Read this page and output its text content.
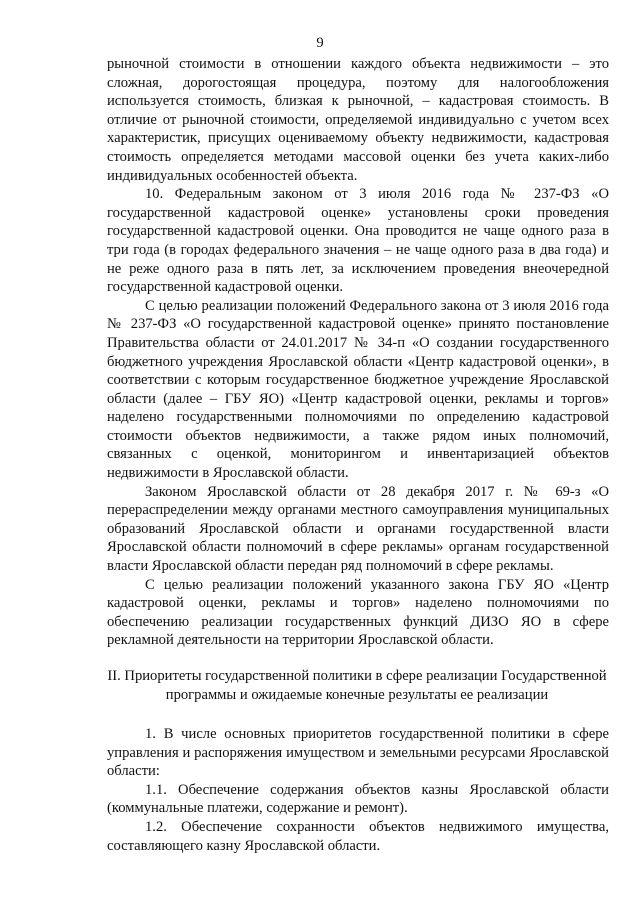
9

рыночной стоимости в отношении каждого объекта недвижимости – это сложная, дорогостоящая процедура, поэтому для налогообложения используется стоимость, близкая к рыночной, – кадастровая стоимость. В отличие от рыночной стоимости, определяемой индивидуально с учетом всех характеристик, присущих оцениваемому объекту недвижимости, кадастровая стоимость определяется методами массовой оценки без учета каких-либо индивидуальных особенностей объекта.

10. Федеральным законом от 3 июля 2016 года № 237-ФЗ «О государственной кадастровой оценке» установлены сроки проведения государственной кадастровой оценки. Она проводится не чаще одного раза в три года (в городах федерального значения – не чаще одного раза в два года) и не реже одного раза в пять лет, за исключением проведения внеочередной государственной кадастровой оценки.

С целью реализации положений Федерального закона от 3 июля 2016 года № 237-ФЗ «О государственной кадастровой оценке» принято постановление Правительства области от 24.01.2017 № 34-п «О создании государственного бюджетного учреждения Ярославской области «Центр кадастровой оценки», в соответствии с которым государственное бюджетное учреждение Ярославской области (далее – ГБУ ЯО) «Центр кадастровой оценки, рекламы и торгов» наделено государственными полномочиями по определению кадастровой стоимости объектов недвижимости, а также рядом иных полномочий, связанных с оценкой, мониторингом и инвентаризацией объектов недвижимости в Ярославской области.

Законом Ярославской области от 28 декабря 2017 г. № 69-з «О перераспределении между органами местного самоуправления муниципальных образований Ярославской области и органами государственной власти Ярославской области полномочий в сфере рекламы» органам государственной власти Ярославской области передан ряд полномочий в сфере рекламы.

С целью реализации положений указанного закона ГБУ ЯО «Центр кадастровой оценки, рекламы и торгов» наделено полномочиями по обеспечению реализации государственных функций ДИЗО ЯО в сфере рекламной деятельности на территории Ярославской области.

II. Приоритеты государственной политики в сфере реализации Государственной программы и ожидаемые конечные результаты ее реализации

1. В числе основных приоритетов государственной политики в сфере управления и распоряжения имуществом и земельными ресурсами Ярославской области:

1.1. Обеспечение содержания объектов казны Ярославской области (коммунальные платежи, содержание и ремонт).

1.2. Обеспечение сохранности объектов недвижимого имущества, составляющего казну Ярославской области.
